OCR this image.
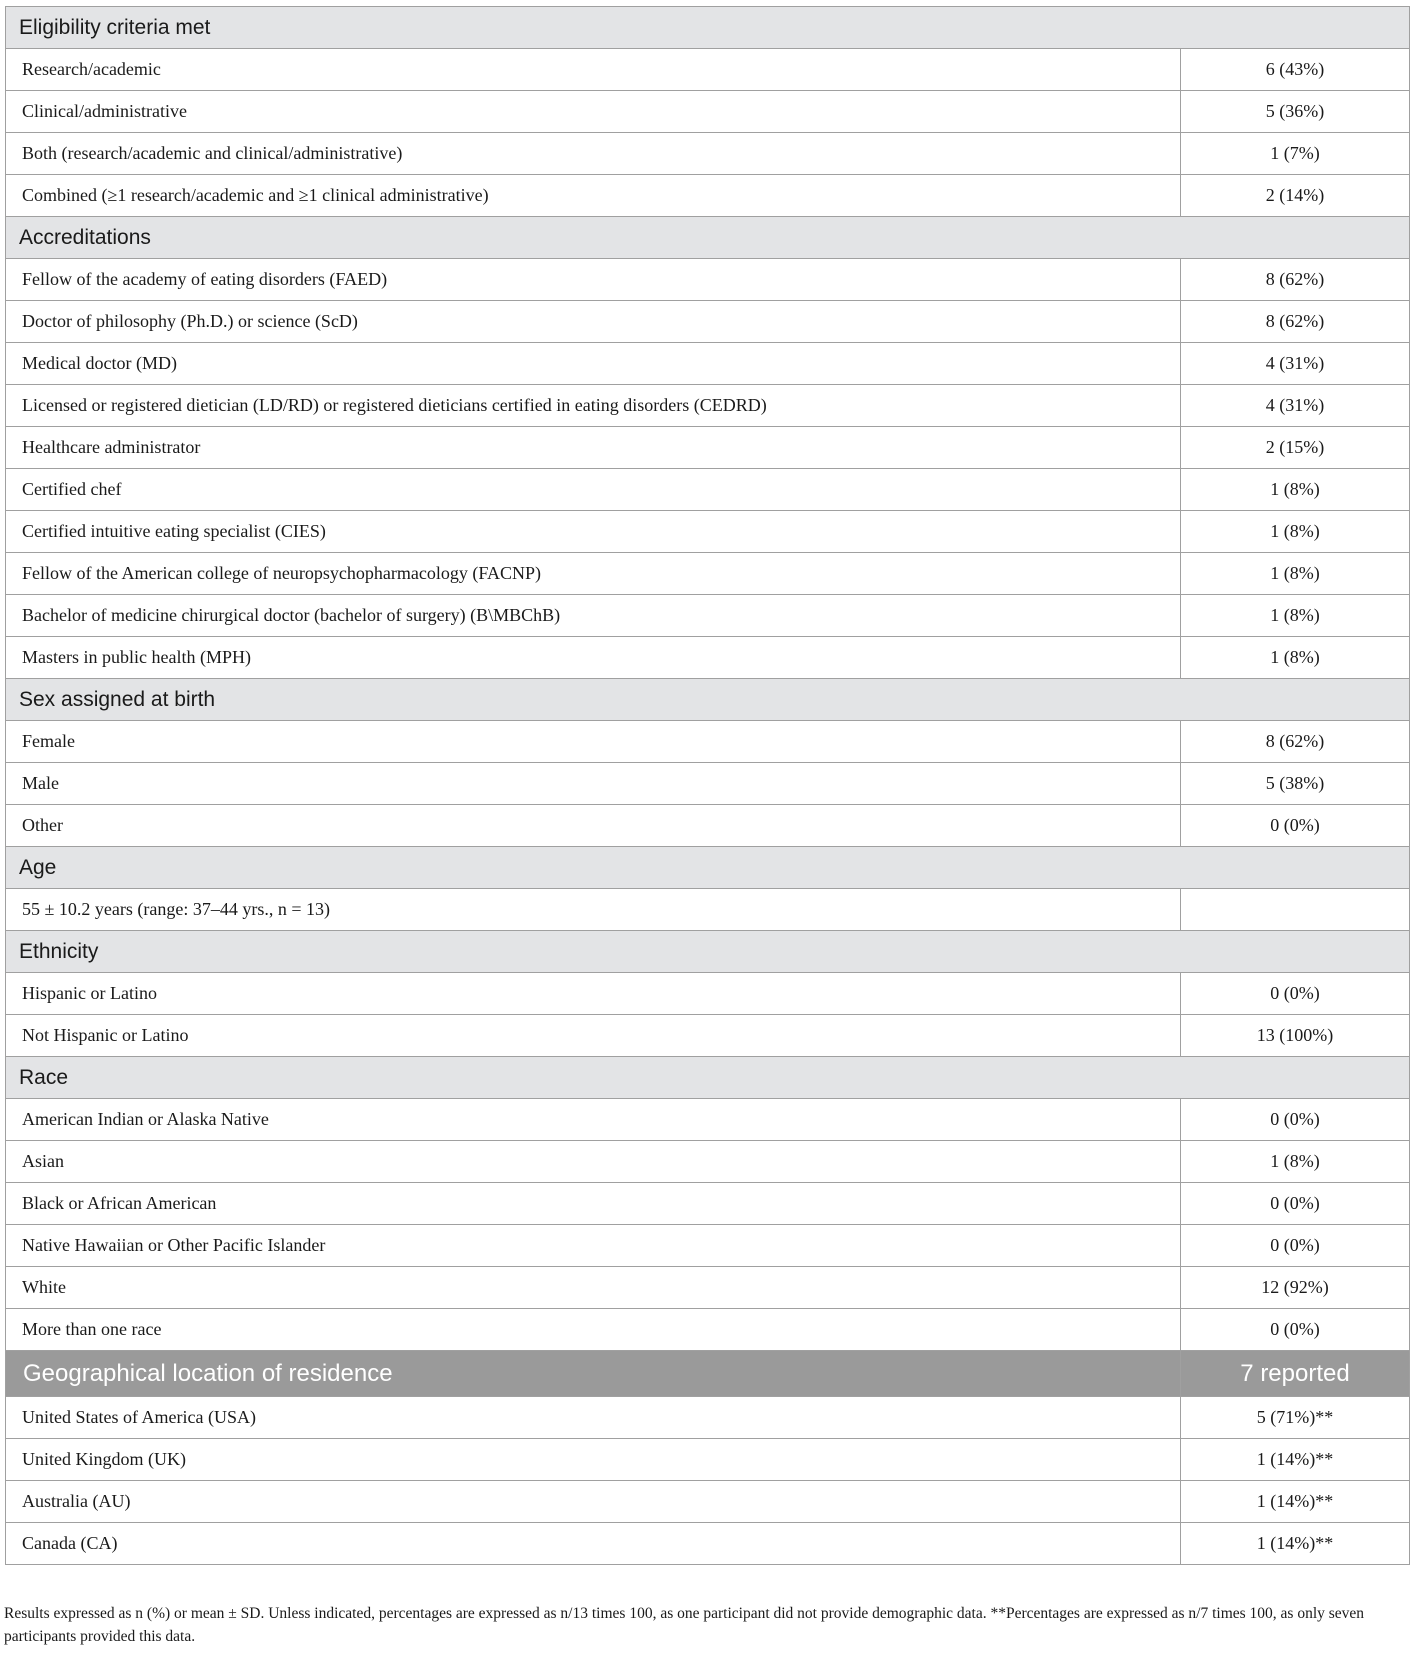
Eligibility criteria met	
Research/academic	6 (43%)
Clinical/administrative	5 (36%)
Both (research/academic and clinical/administrative)	1 (7%)
Combined (≥1 research/academic and ≥1 clinical administrative)	2 (14%)
Accreditations	
Fellow of the academy of eating disorders (FAED)	8 (62%)
Doctor of philosophy (Ph.D.) or science (ScD)	8 (62%)
Medical doctor (MD)	4 (31%)
Licensed or registered dietician (LD/RD) or registered dieticians certified in eating disorders (CEDRD)	4 (31%)
Healthcare administrator	2 (15%)
Certified chef	1 (8%)
Certified intuitive eating specialist (CIES)	1 (8%)
Fellow of the American college of neuropsychopharmacology (FACNP)	1 (8%)
Bachelor of medicine chirurgical doctor (bachelor of surgery) (B\MBChB)	1 (8%)
Masters in public health (MPH)	1 (8%)
Sex assigned at birth	
Female	8 (62%)
Male	5 (38%)
Other	0 (0%)
Age	
55 ± 10.2 years (range: 37–44 yrs., n = 13)	
Ethnicity	
Hispanic or Latino	0 (0%)
Not Hispanic or Latino	13 (100%)
Race	
American Indian or Alaska Native	0 (0%)
Asian	1 (8%)
Black or African American	0 (0%)
Native Hawaiian or Other Pacific Islander	0 (0%)
White	12 (92%)
More than one race	0 (0%)
Geographical location of residence	7 reported
United States of America (USA)	5 (71%)**
United Kingdom (UK)	1 (14%)**
Australia (AU)	1 (14%)**
Canada (CA)	1 (14%)**
Results expressed as n (%) or mean ± SD. Unless indicated, percentages are expressed as n/13 times 100, as one participant did not provide demographic data. **Percentages are expressed as n/7 times 100, as only seven participants provided this data.
